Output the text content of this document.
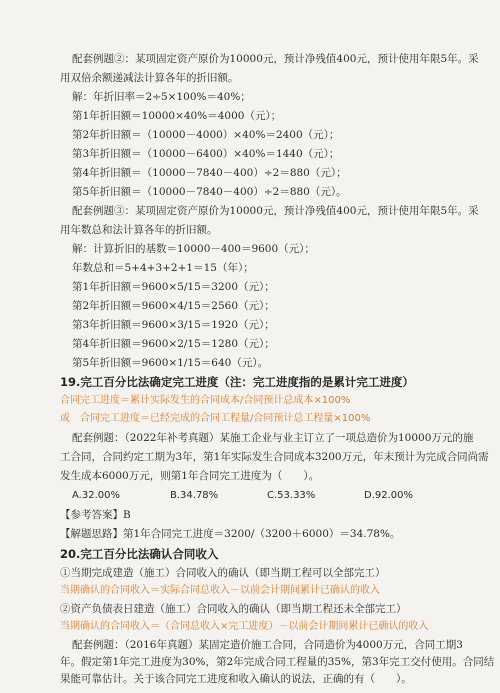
配套例题②：某项固定资产原价为10000元，预计净残值400元，预计使用年限5年。采
用双倍余额递减法计算各年的折旧额。
解：年折旧率＝2÷5×100%＝40%；
第1年折旧额＝10000×40%＝4000（元）；
第2年折旧额＝（10000－4000）×40%＝2400（元）；
第3年折旧额＝（10000－6400）×40%＝1440（元）；
第4年折旧额＝（10000－7840－400）÷2＝880（元）；
第5年折旧额＝（10000－7840－400）÷2＝880（元）。
配套例题③：某项固定资产原价为10000元，预计净残值400元，预计使用年限5年。采
用年数总和法计算各年的折旧额。
解：计算折旧的基数＝10000－400＝9600（元）；
年数总和＝5+4+3+2+1＝15（年）；
第1年折旧额＝9600×5/15＝3200（元）；
第2年折旧额＝9600×4/15＝2560（元）；
第3年折旧额＝9600×3/15＝1920（元）；
第4年折旧额＝9600×2/15＝1280（元）；
第5年折旧额＝9600×1/15＝640（元）。
19.完工百分比法确定完工进度（注：完工进度指的是累计完工进度）
合同完工进度＝累计实际发生的合同成本/合同预计总成本×100%
或　合同完工进度＝已经完成的合同工程量/合同预计总工程量×100%
配套例题：（2022年补考真题）某施工企业与业主订立了一项总造价为10000万元的施
工合同，合同约定工期为3年，第1年实际发生合同成本3200万元，年末预计为完成合同尚需
发生成本6000万元，则第1年合同完工进度为（　　）。
A.32.00%	B.34.78%	C.53.33%	D.92.00%
【参考答案】B
【解题思路】第1年合同完工进度＝3200/（3200＋6000）＝34.78%。
20.完工百分比法确认合同收入
①当期完成建造（施工）合同收入的确认（即当期工程可以全部完工）
当期确认的合同收入＝实际合同总收入－以前会计期间累计已确认的收入
②资产负债表日建造（施工）合同收入的确认（即当期工程还未全部完工）
当期确认的合同收入＝（合同总收入×完工进度）－以前会计期间累计已确认的收入
配套例题：（2016年真题）某固定造价施工合同，合同造价为4000万元，合同工期3
年。假定第1年完工进度为30%，第2年完成合同工程量的35%，第3年完工交付使用。合同结
果能可靠估计。关于该合同完工进度和收入确认的说法，正确的有（　　）。
